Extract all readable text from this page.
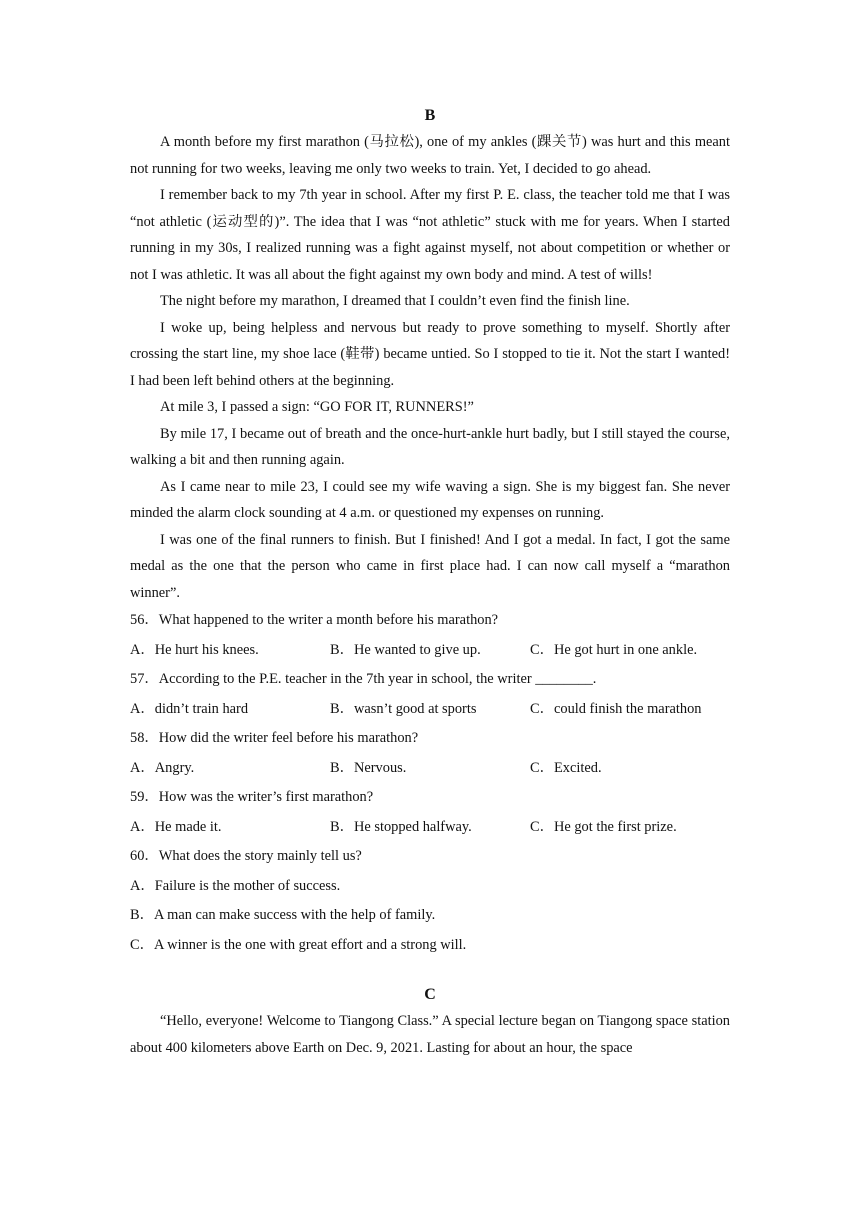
B

A month before my first marathon (马拉松), one of my ankles (踝关节) was hurt and this meant not running for two weeks, leaving me only two weeks to train. Yet, I decided to go ahead.

I remember back to my 7th year in school. After my first P. E. class, the teacher told me that I was “not athletic (运动型的)”. The idea that I was “not athletic” stuck with me for years. When I started running in my 30s, I realized running was a fight against myself, not about competition or whether or not I was athletic. It was all about the fight against my own body and mind. A test of wills!

The night before my marathon, I dreamed that I couldn’t even find the finish line.

I woke up, being helpless and nervous but ready to prove something to myself. Shortly after crossing the start line, my shoe lace (鞋带) became untied. So I stopped to tie it. Not the start I wanted! I had been left behind others at the beginning.

At mile 3, I passed a sign: “GO FOR IT, RUNNERS!”

By mile 17, I became out of breath and the once-hurt-ankle hurt badly, but I still stayed the course, walking a bit and then running again.

As I came near to mile 23, I could see my wife waving a sign. She is my biggest fan. She never minded the alarm clock sounding at 4 a.m. or questioned my expenses on running.

I was one of the final runners to finish. But I finished! And I got a medal. In fact, I got the same medal as the one that the person who came in first place had. I can now call myself a “marathon winner”.

56．What happened to the writer a month before his marathon?

A．He hurt his knees.	B．He wanted to give up.	C．He got hurt in one ankle.

57．According to the P.E. teacher in the 7th year in school, the writer ________.

A．didn’t train hard	B．wasn’t good at sports	C．could finish the marathon

58．How did the writer feel before his marathon?

A．Angry.	B．Nervous.	C．Excited.

59．How was the writer’s first marathon?

A．He made it.	B．He stopped halfway.	C．He got the first prize.

60．What does the story mainly tell us?

A．Failure is the mother of success.
B．A man can make success with the help of family.
C．A winner is the one with great effort and a strong will.
C

“Hello, everyone! Welcome to Tiangong Class.” A special lecture began on Tiangong space station about 400 kilometers above Earth on Dec. 9, 2021. Lasting for about an hour, the space
